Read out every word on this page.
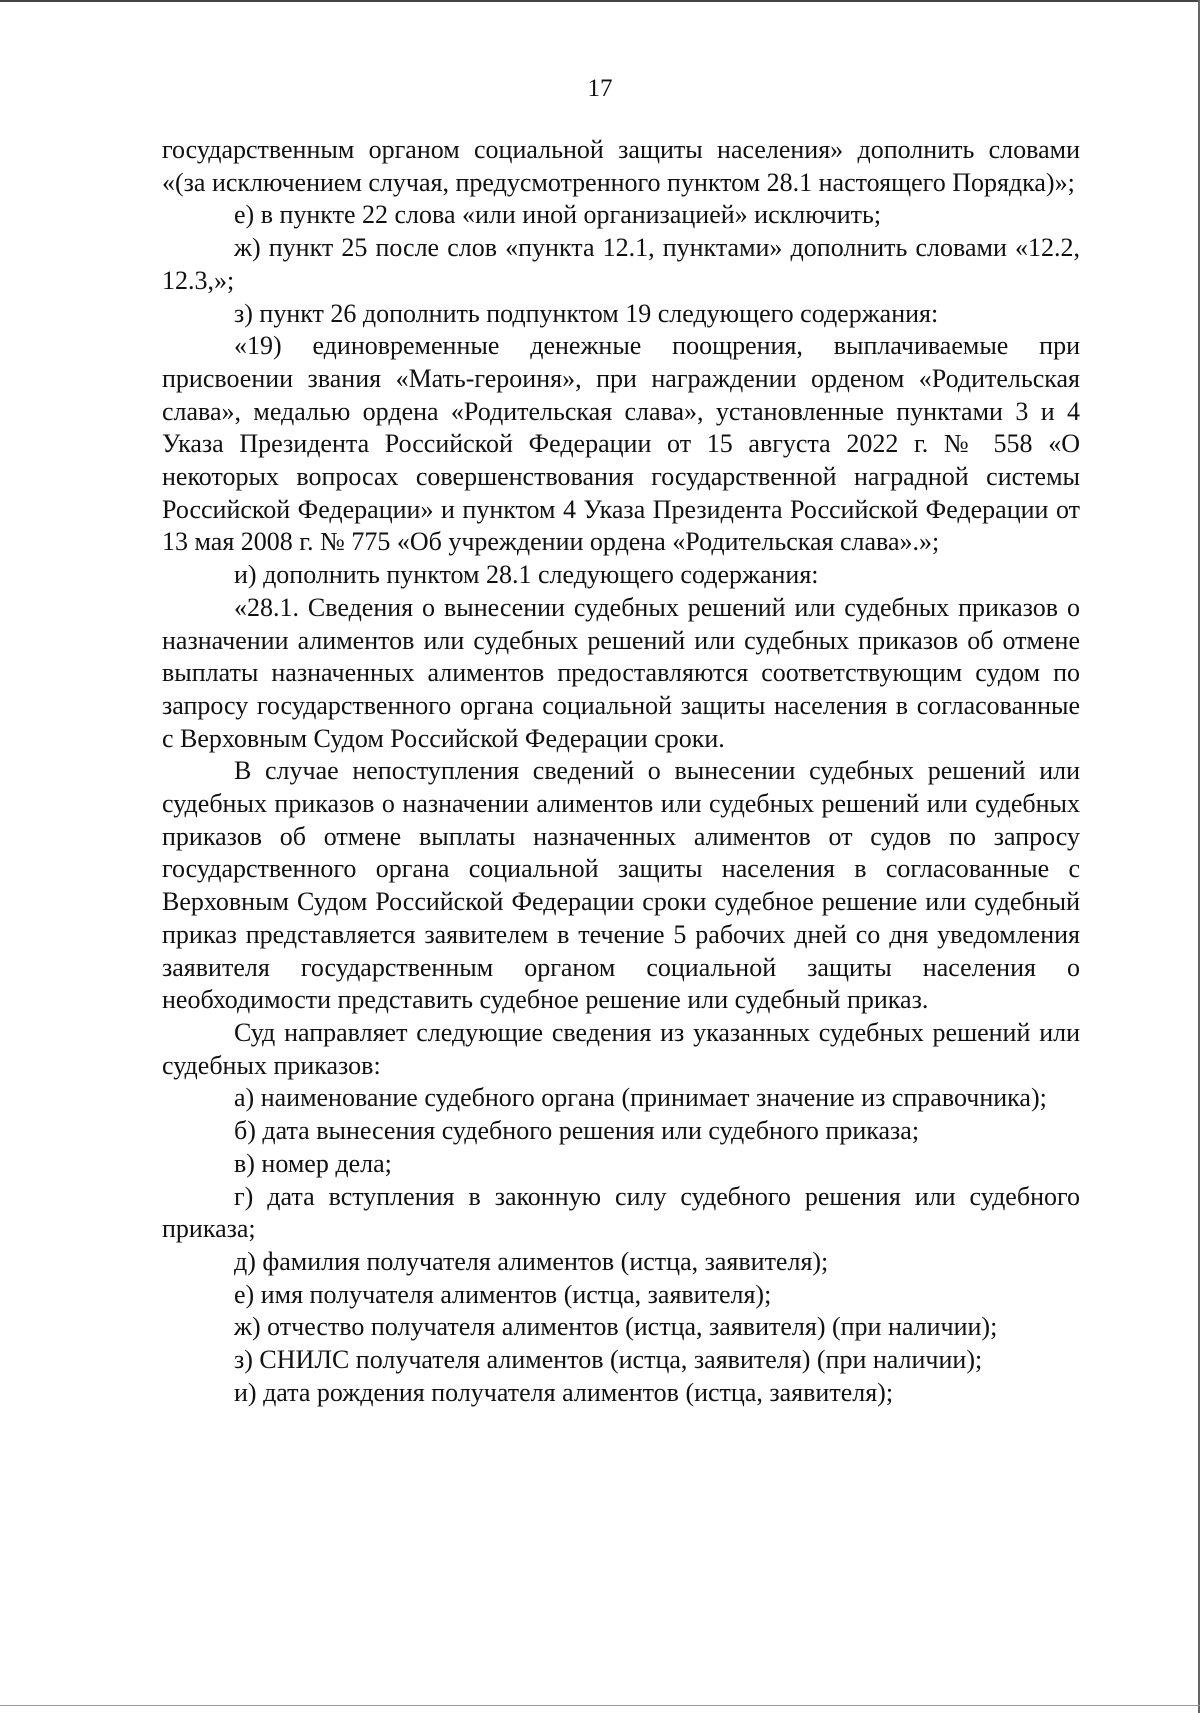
17

государственным органом социальной защиты населения» дополнить словами «(за исключением случая, предусмотренного пунктом 28.1 настоящего Порядка)»;

е) в пункте 22 слова «или иной организацией» исключить;

ж) пункт 25 после слов «пункта 12.1, пунктами» дополнить словами «12.2, 12.3,»;

з) пункт 26 дополнить подпунктом 19 следующего содержания:

«19) единовременные денежные поощрения, выплачиваемые при присвоении звания «Мать-героиня», при награждении орденом «Родительская слава», медалью ордена «Родительская слава», установленные пунктами 3 и 4 Указа Президента Российской Федерации от 15 августа 2022 г. № 558 «О некоторых вопросах совершенствования государственной наградной системы Российской Федерации» и пунктом 4 Указа Президента Российской Федерации от 13 мая 2008 г. № 775 «Об учреждении ордена «Родительская слава».»;

и) дополнить пунктом 28.1 следующего содержания:

«28.1. Сведения о вынесении судебных решений или судебных приказов о назначении алиментов или судебных решений или судебных приказов об отмене выплаты назначенных алиментов предоставляются соответствующим судом по запросу государственного органа социальной защиты населения в согласованные с Верховным Судом Российской Федерации сроки.

В случае непоступления сведений о вынесении судебных решений или судебных приказов о назначении алиментов или судебных решений или судебных приказов об отмене выплаты назначенных алиментов от судов по запросу государственного органа социальной защиты населения в согласованные с Верховным Судом Российской Федерации сроки судебное решение или судебный приказ представляется заявителем в течение 5 рабочих дней со дня уведомления заявителя государственным органом социальной защиты населения о необходимости представить судебное решение или судебный приказ.

Суд направляет следующие сведения из указанных судебных решений или судебных приказов:

а) наименование судебного органа (принимает значение из справочника);

б) дата вынесения судебного решения или судебного приказа;

в) номер дела;

г) дата вступления в законную силу судебного решения или судебного приказа;

д) фамилия получателя алиментов (истца, заявителя);

е) имя получателя алиментов (истца, заявителя);

ж) отчество получателя алиментов (истца, заявителя) (при наличии);

з) СНИЛС получателя алиментов (истца, заявителя) (при наличии);

и) дата рождения получателя алиментов (истца, заявителя);
